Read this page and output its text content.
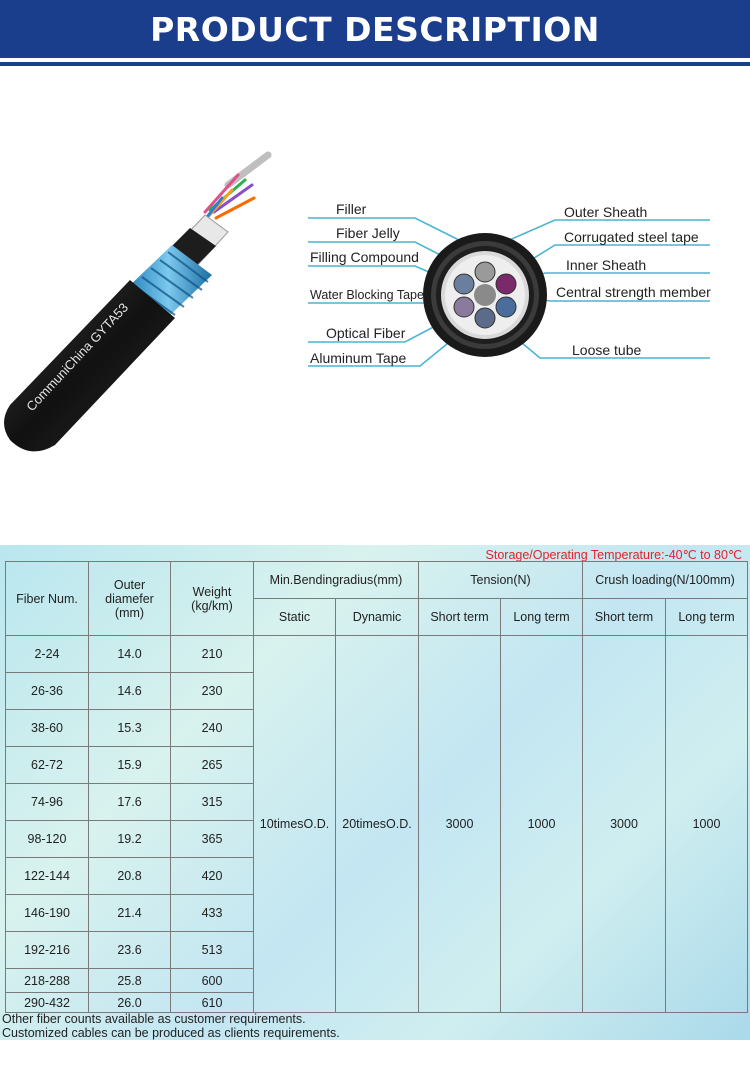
PRODUCT DESCRIPTION
CommuniChina GYTA53
Filler
Fiber Jelly
Filling Compound
Water Blocking Tape
Optical Fiber
Aluminum Tape
Outer Sheath
Corrugated steel tape
Inner Sheath
Central strength member
Loose tube
Storage/Operating Temperature:-40℃ to 80℃
Fiber Num.	Outer diamefer (mm)	Weight (kg/km)	Min.Bendingradius(mm)		Tension(N)		Crush loading(N/100mm)	
			Static	Dynamic	Short term	Long term	Short term	Long term
2-24	14.0	210	10timesO.D.	20timesO.D.	3000	1000	3000	1000
26-36	14.6	230						
38-60	15.3	240						
62-72	15.9	265						
74-96	17.6	315						
98-120	19.2	365						
122-144	20.8	420						
146-190	21.4	433						
192-216	23.6	513						
218-288	25.8	600						
290-432	26.0	610						
Other fiber counts available as customer requirements.
Customized cables can be produced as clients requirements.
